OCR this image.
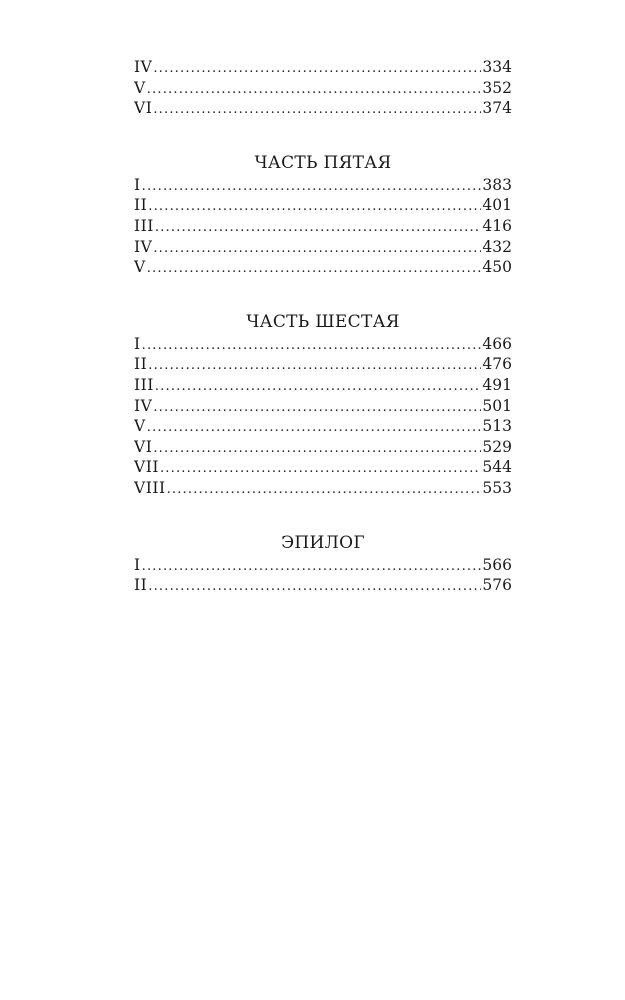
IV .....	334
V .....	352
VI .....	374
ЧАСТЬ ПЯТАЯ
I .....	383
II .....	401
III .....	416
IV .....	432
V .....	450
ЧАСТЬ ШЕСТАЯ
I .....	466
II .....	476
III .....	491
IV .....	501
V .....	513
VI .....	529
VII .....	544
VIII .....	553
ЭПИЛОГ
I .....	566
II .....	576
